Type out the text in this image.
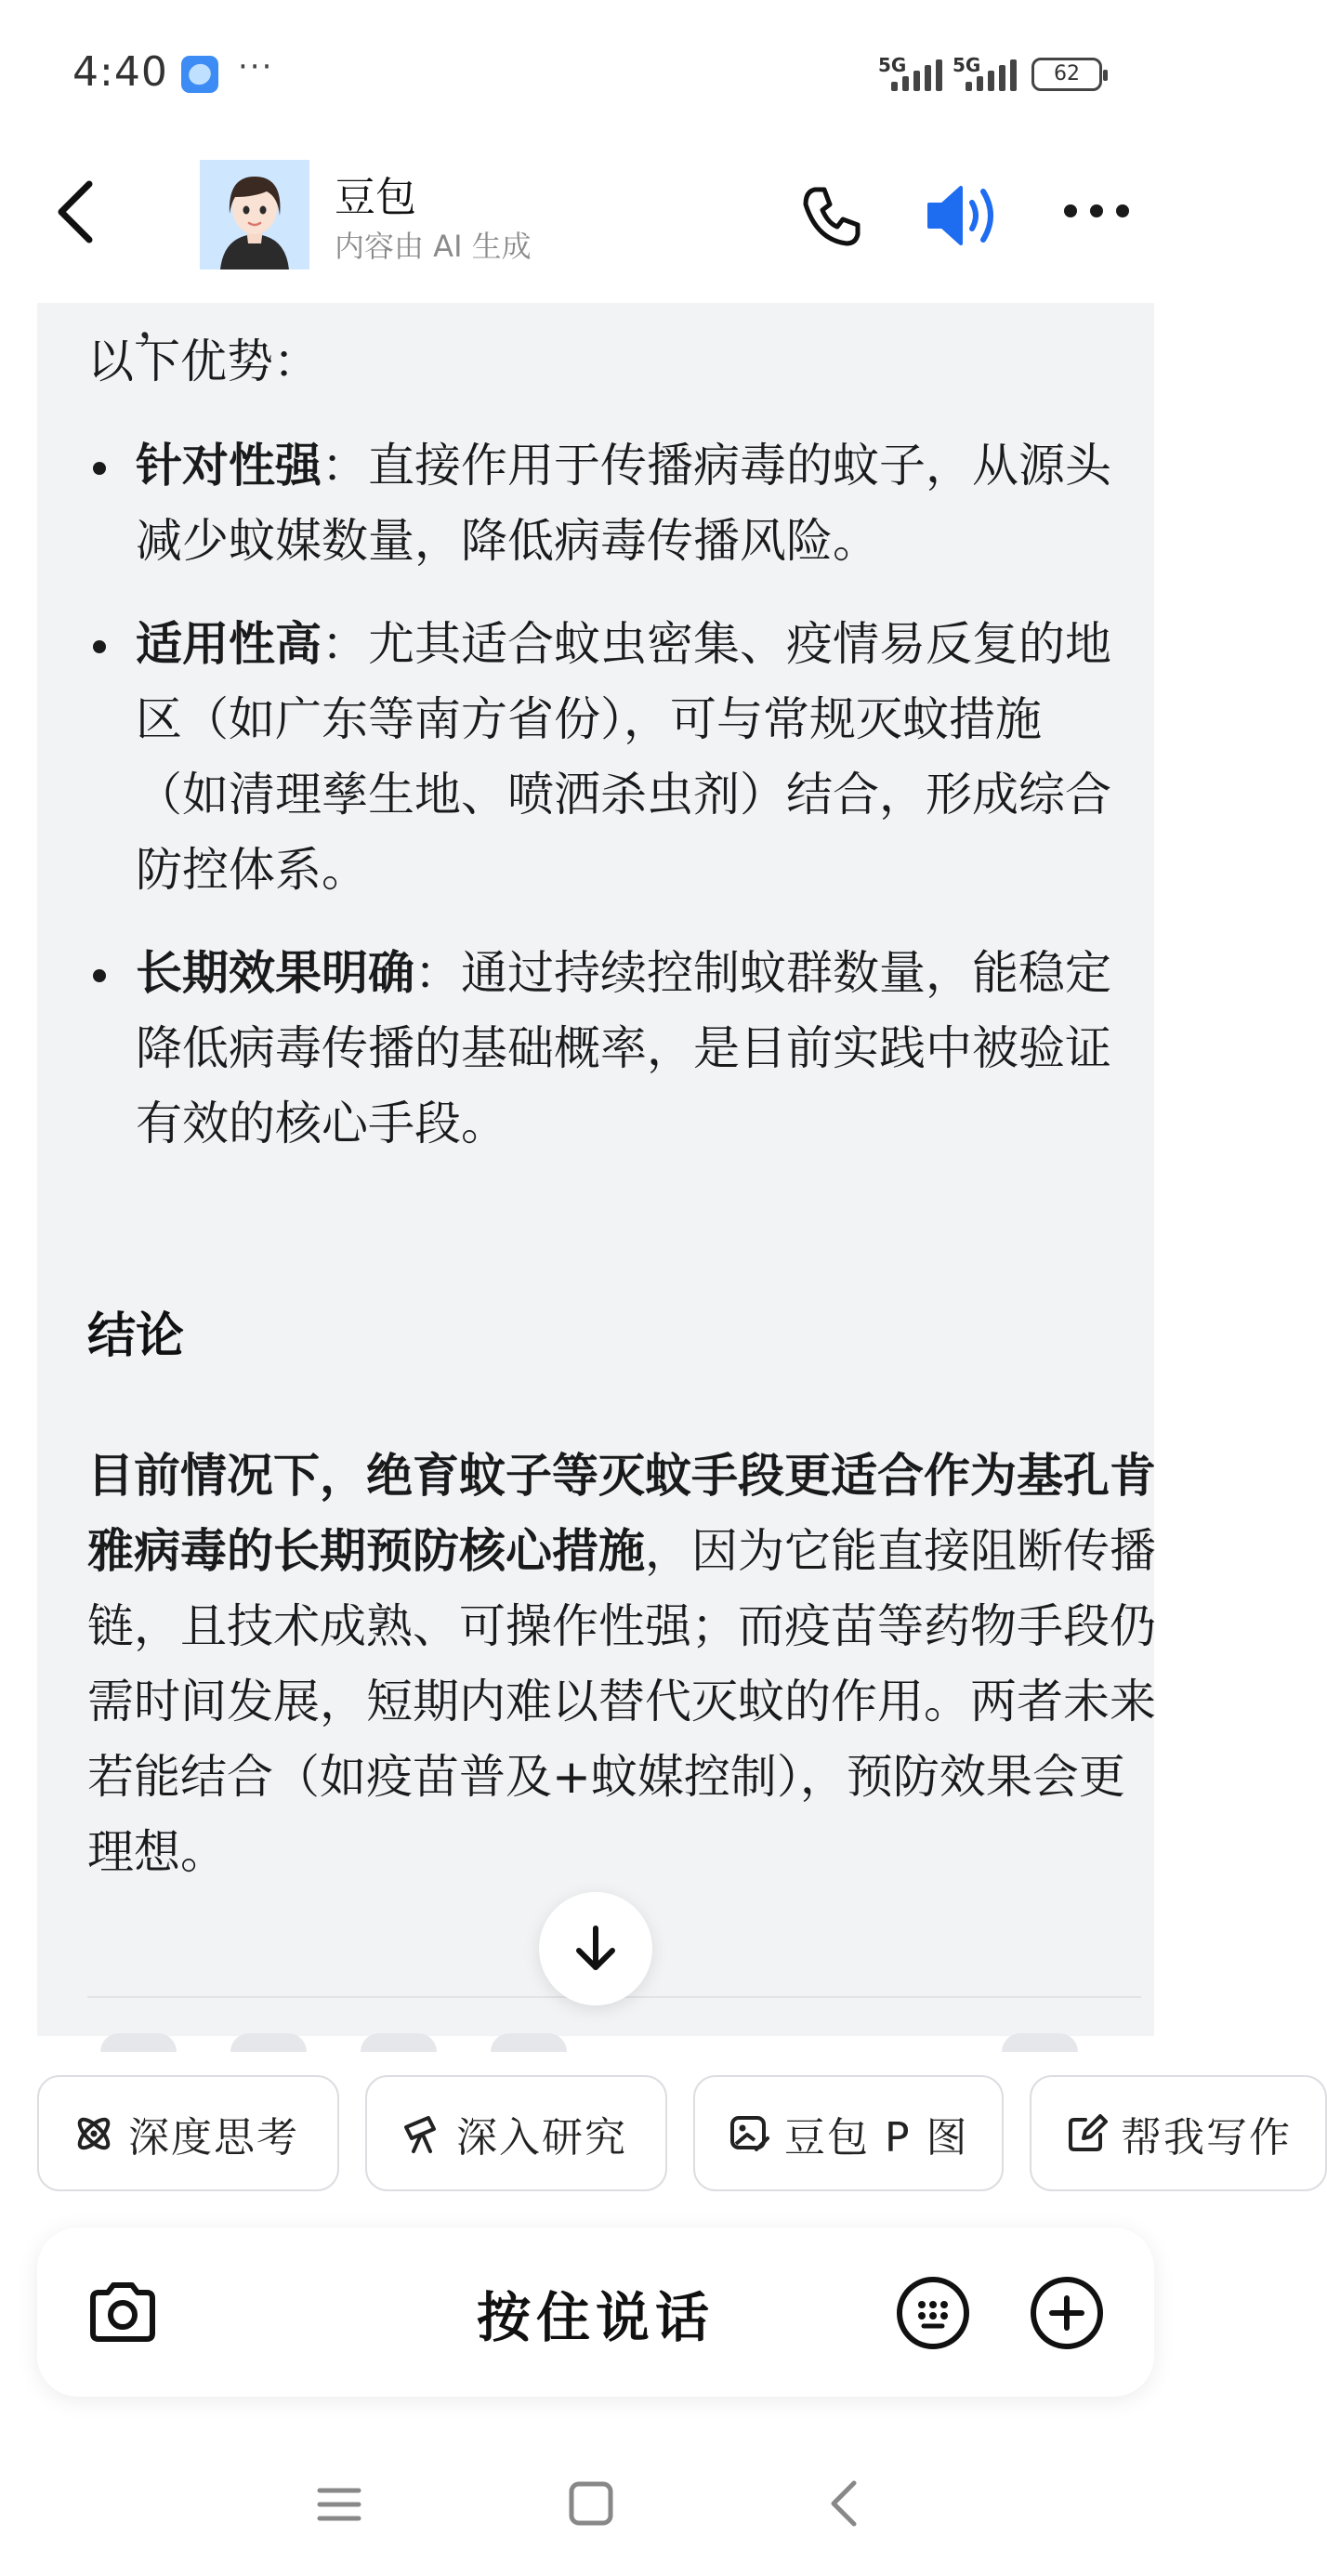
4:40 ···	5G 5G	62
豆包
内容由 AI 生成
，

以下优势：

针对性强：直接作用于传播病毒的蚊子，从源头减少蚊媒数量，降低病毒传播风险。
适用性高：尤其适合蚊虫密集、疫情易反复的地区（如广东等南方省份），可与常规灭蚊措施（如清理孳生地、喷洒杀虫剂）结合，形成综合防控体系。
长期效果明确：通过持续控制蚊群数量，能稳定降低病毒传播的基础概率，是目前实践中被验证有效的核心手段。

结论

目前情况下，绝育蚊子等灭蚊手段更适合作为基孔肯雅病毒的长期预防核心措施，因为它能直接阻断传播链，且技术成熟、可操作性强；而疫苗等药物手段仍需时间发展，短期内难以替代灭蚊的作用。两者未来若能结合（如疫苗普及+蚊媒控制），预防效果会更理想。

深度思考	深入研究	豆包 P 图	帮我写作
按住说话
